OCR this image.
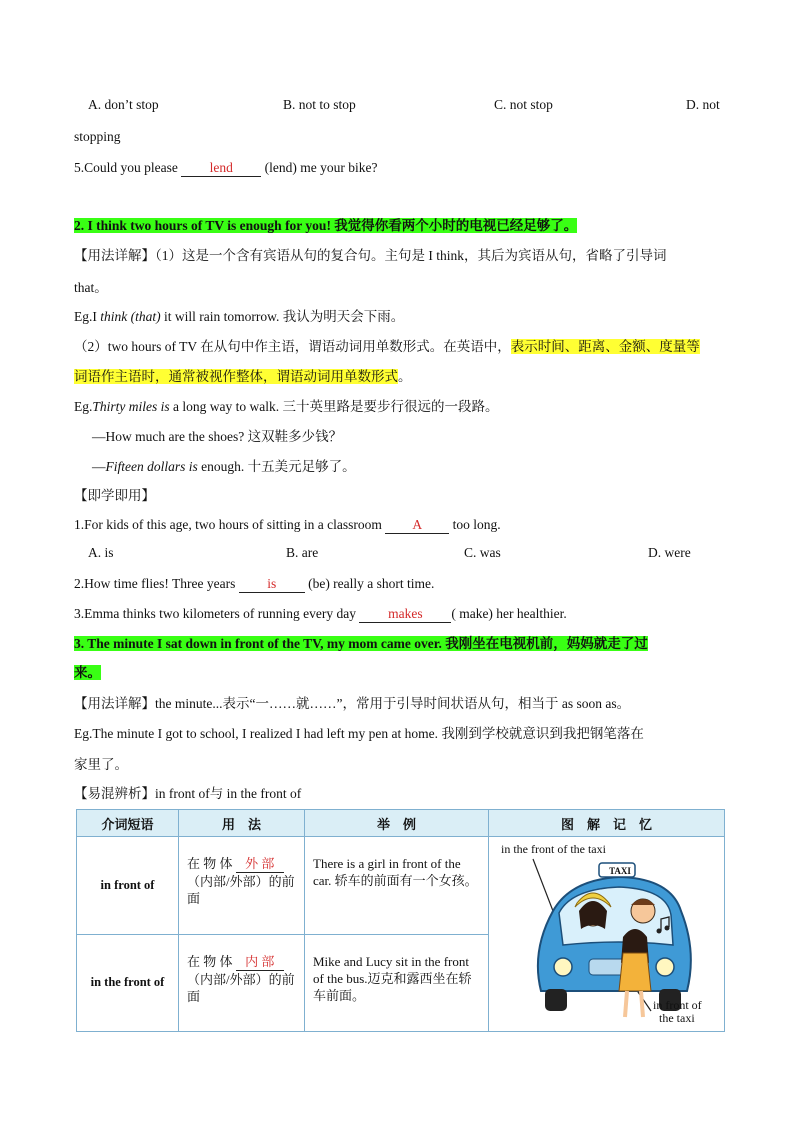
A. don’t stop	B. not to stop	C. not stop	D. not
stopping
5.Could you please lend (lend) me your bike?
2. I think two hours of TV is enough for you! 我觉得你看两个小时的电视已经足够了。
【用法详解】（1）这是一个含有宾语从句的复合句。主句是 I think，其后为宾语从句，省略了引导词
that。
Eg.I think (that) it will rain tomorrow. 我认为明天会下雨。
（2）two hours of TV 在从句中作主语，谓语动词用单数形式。在英语中，表示时间、距离、金额、度量等
词语作主语时，通常被视作整体，谓语动词用单数形式。
Eg.Thirty miles is a long way to walk. 三十英里路是要步行很远的一段路。
—How much are the shoes? 这双鞋多少钱？
—Fifteen dollars is enough. 十五美元足够了。
【即学即用】
1.For kids of this age, two hours of sitting in a classroom A too long.
A. is	B. are	C. was	D. were
2.How time flies! Three years is (be) really a short time.
3.Emma thinks two kilometers of running every day makes ( make) her healthier.
3. The minute I sat down in front of the TV, my mom came over. 我刚坐在电视机前，妈妈就走了过
来。
【用法详解】the minute...表示“一……就……”，常用于引导时间状语从句，相当于 as soon as。
Eg.The minute I got to school, I realized I had left my pen at home. 我刚到学校就意识到我把钢笔落在
家里了。
【易混辨析】in front of与 in the front of
介词短语	用　法	举　例	图　解　记　忆
in front of	在 物 体 外 部（内部/外部）的前面	There is a girl in front of the car. 轿车的前面有一个女孩。	in the front of the taxi
TAXI
in front of
the taxi

in the front of	在 物 体 内 部（内部/外部）的前面	Mike and Lucy sit in the front of the bus.迈克和露西坐在轿车前面。	
